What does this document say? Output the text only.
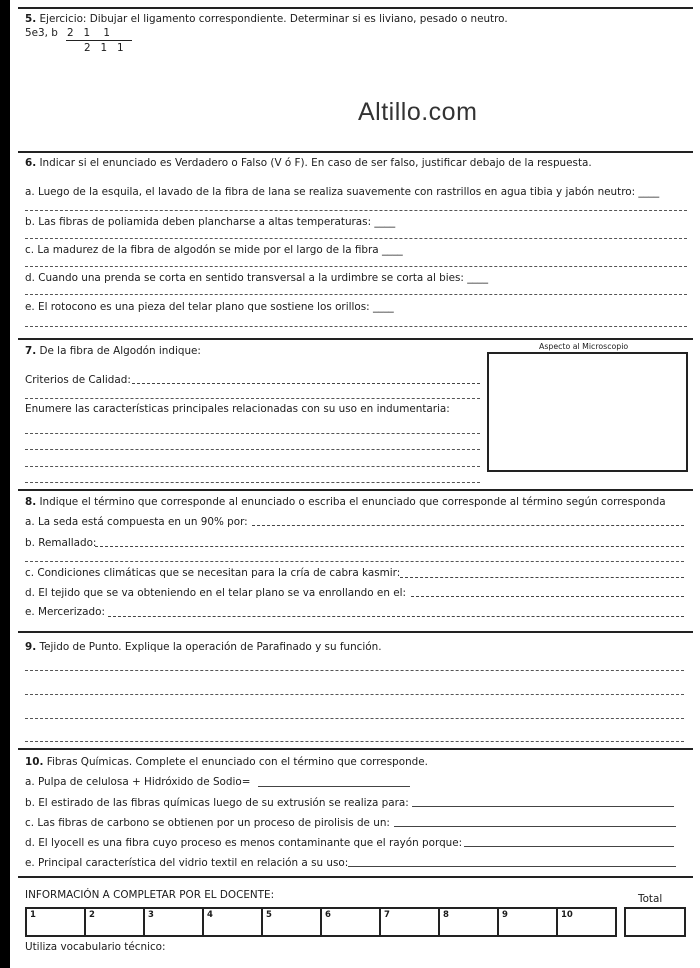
5. Ejercicio: Dibujar el ligamento correspondiente. Determinar si es liviano, pesado o neutro.
5e3, b 2   1    1
2   1   1
Altillo.com
6. Indicar si el enunciado es Verdadero o Falso (V ó F). En caso de ser falso, justificar debajo de la respuesta.
a. Luego de la esquila, el lavado de la fibra de lana se realiza suavemente con rastrillos en agua tibia y jabón neutro: ____
b. Las fibras de poliamida deben plancharse a altas temperaturas: ____
c. La madurez de la fibra de algodón se mide por el largo de la fibra ____
d. Cuando una prenda se corta en sentido transversal a la urdimbre se corta al bies: ____
e. El rotocono es una pieza del telar plano que sostiene los orillos: ____
7. De la fibra de Algodón indique:	Aspecto al Microscopio
Criterios de Calidad:
Enumere las características principales relacionadas con su uso en indumentaria:
8. Indique el término que corresponde al enunciado o escriba el enunciado que corresponde al término según corresponda
a. La seda está compuesta en un 90% por:
b. Remallado:
c. Condiciones climáticas que se necesitan para la cría de cabra kasmir:
d. El tejido que se va obteniendo en el telar plano se va enrollando en el:
e. Mercerizado:
9. Tejido de Punto. Explique la operación de Parafinado y su función.
10. Fibras Químicas. Complete el enunciado con el término que corresponde.
a. Pulpa de celulosa + Hidróxido de Sodio=
b. El estirado de las fibras químicas luego de su extrusión se realiza para:
c. Las fibras de carbono se obtienen por un proceso de pirolisis de un:
d. El lyocell es una fibra cuyo proceso es menos contaminante que el rayón porque:
e. Principal característica del vidrio textil en relación a su uso:
INFORMACIÓN A COMPLETAR POR EL DOCENTE:	Total
1	2	3	4	5	6	7	8	9	10
Utiliza vocabulario técnico:
